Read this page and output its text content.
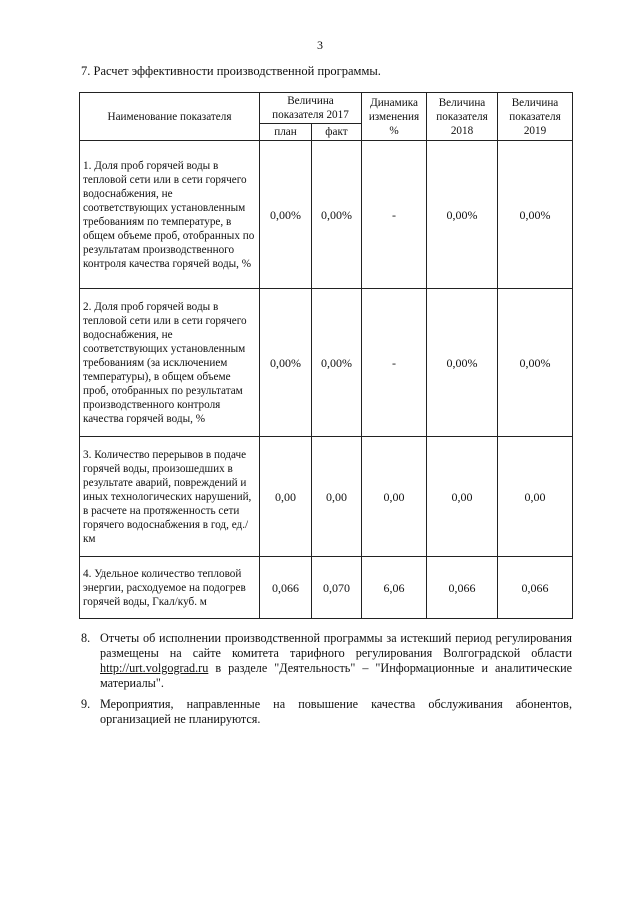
3
7. Расчет эффективности производственной программы.
Наименование показателя	Величина показателя 2017		Динамика изменения %	Величина показателя 2018	Величина показателя 2019
	план	факт			
1. Доля проб горячей воды в тепловой сети или в сети горячего водоснабжения, не соответствующих установленным требованиям по температуре, в общем объеме проб, отобранных по результатам производственного контроля качества горячей воды, %	0,00%	0,00%	-	0,00%	0,00%
2. Доля проб горячей воды в тепловой сети или в сети горячего водоснабжения, не соответствующих установленным требованиям (за исключением температуры), в общем объеме проб, отобранных по результатам производственного контроля качества горячей воды, %	0,00%	0,00%	-	0,00%	0,00%
3. Количество перерывов в подаче горячей воды, произошедших в результате аварий, повреждений и иных технологических нарушений, в расчете на протяженность сети горячего водоснабжения в год, ед./км	0,00	0,00	0,00	0,00	0,00
4. Удельное количество тепловой энергии, расходуемое на подогрев горячей воды, Гкал/куб. м	0,066	0,070	6,06	0,066	0,066

8. Отчеты об исполнении производственной программы за истекший период регулирования размещены на сайте комитета тарифного регулирования Волгоградской области http://urt.volgograd.ru в разделе "Деятельность" – "Информационные и аналитические материалы".

9. Мероприятия, направленные на повышение качества обслуживания абонентов, организацией не планируются.
